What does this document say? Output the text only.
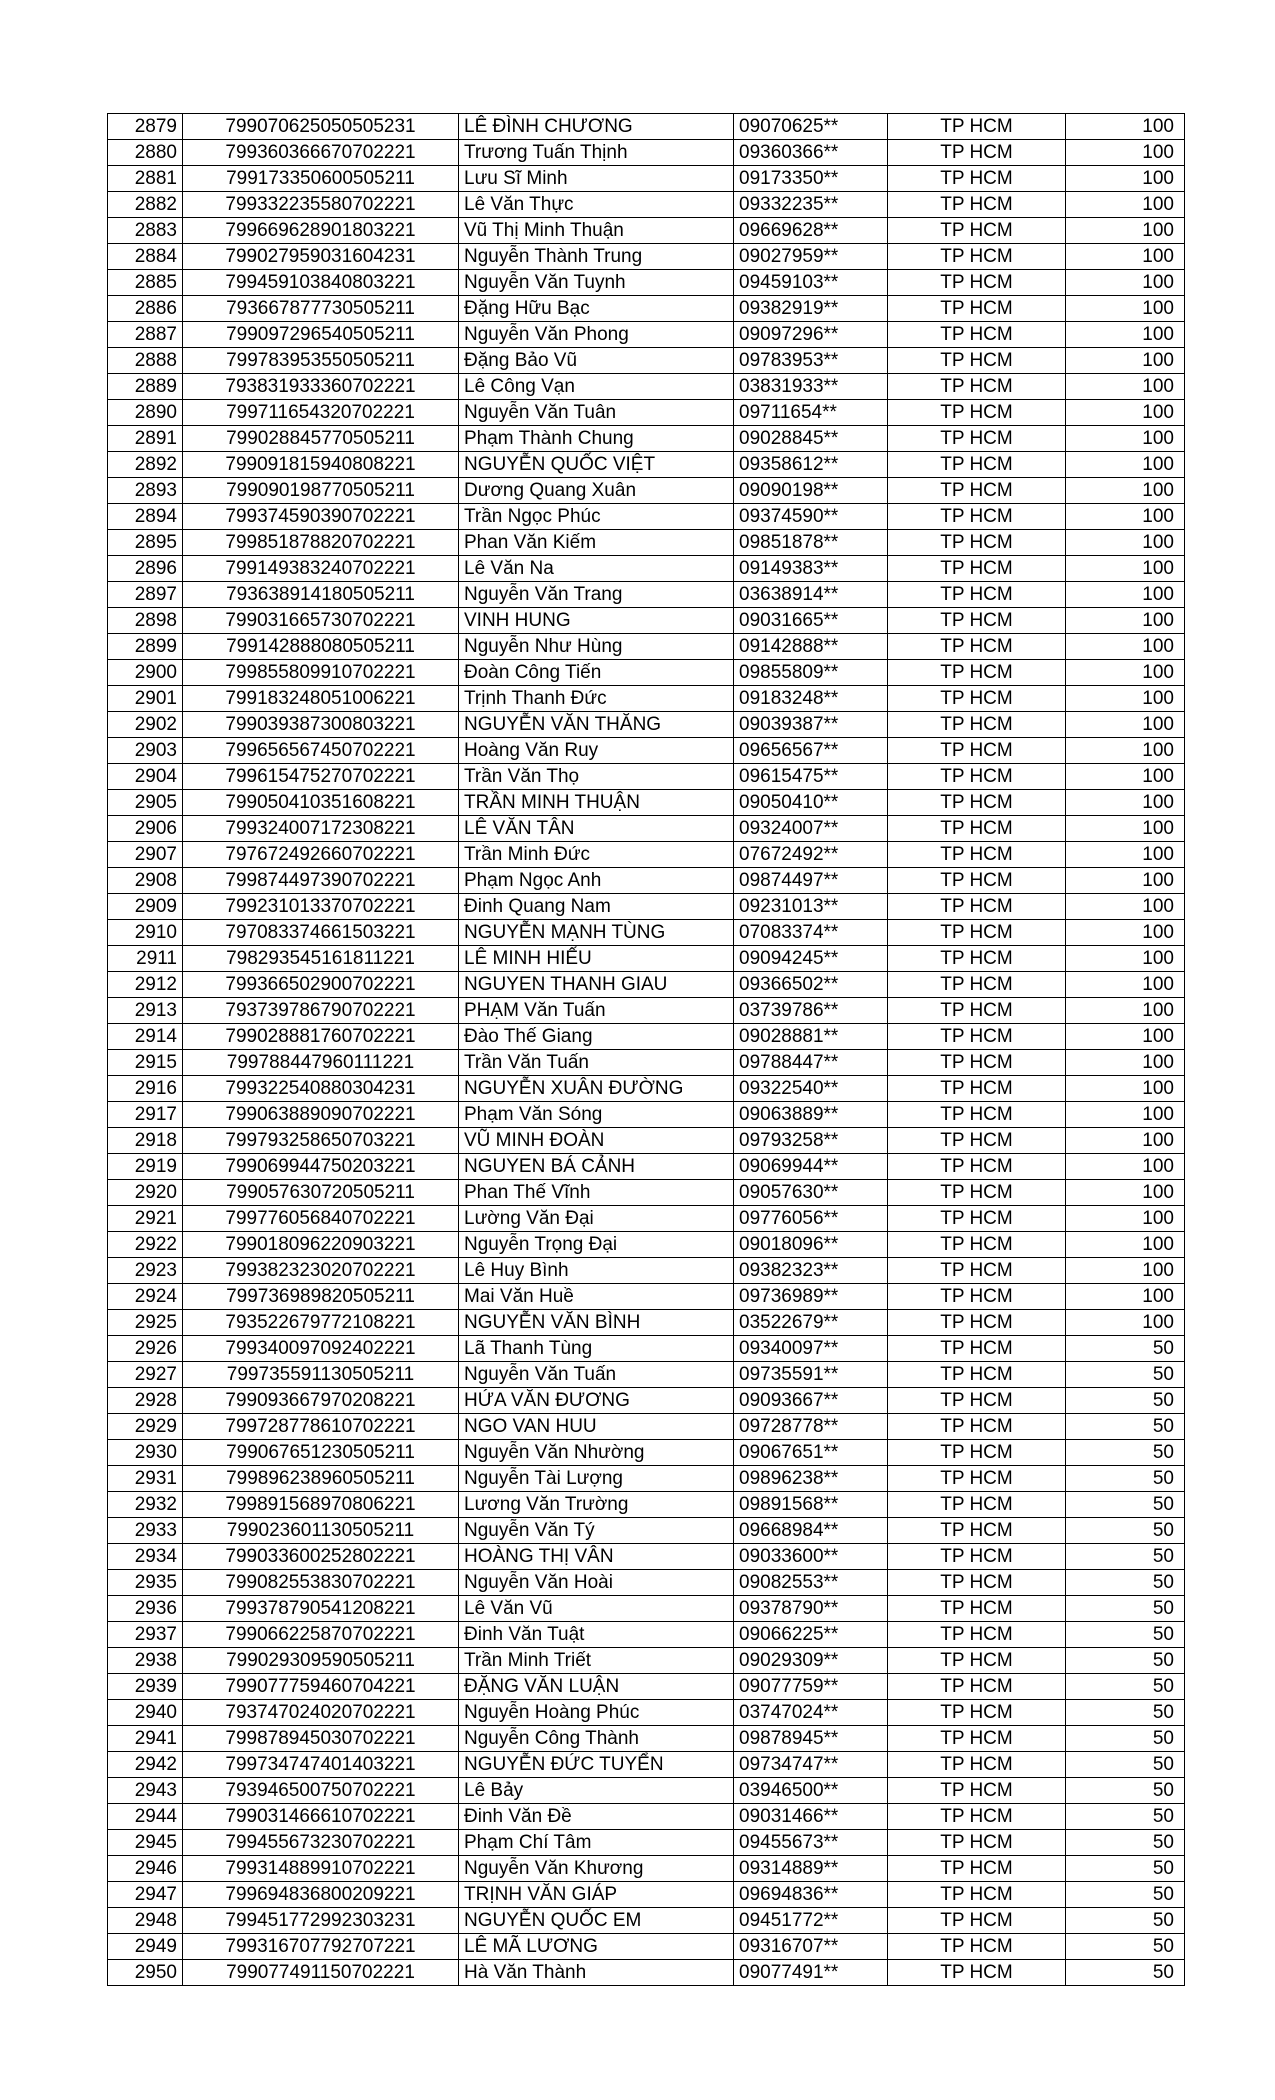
2879	799070625050505231	LÊ ĐÌNH CHƯƠNG	09070625**	TP HCM	100
2880	799360366670702221	Trương Tuấn Thịnh	09360366**	TP HCM	100
2881	799173350600505211	Lưu Sĩ Minh	09173350**	TP HCM	100
2882	799332235580702221	Lê Văn Thực	09332235**	TP HCM	100
2883	799669628901803221	Vũ Thị Minh Thuận	09669628**	TP HCM	100
2884	799027959031604231	Nguyễn Thành Trung	09027959**	TP HCM	100
2885	799459103840803221	Nguyễn Văn Tuynh	09459103**	TP HCM	100
2886	793667877730505211	Đặng Hữu Bạc	09382919**	TP HCM	100
2887	799097296540505211	Nguyễn Văn Phong	09097296**	TP HCM	100
2888	799783953550505211	Đặng Bảo Vũ	09783953**	TP HCM	100
2889	793831933360702221	Lê Công Vạn	03831933**	TP HCM	100
2890	799711654320702221	Nguyễn Văn Tuân	09711654**	TP HCM	100
2891	799028845770505211	Phạm Thành Chung	09028845**	TP HCM	100
2892	799091815940808221	NGUYỄN QUỐC VIỆT	09358612**	TP HCM	100
2893	799090198770505211	Dương Quang Xuân	09090198**	TP HCM	100
2894	799374590390702221	Trần Ngọc Phúc	09374590**	TP HCM	100
2895	799851878820702221	Phan Văn Kiếm	09851878**	TP HCM	100
2896	799149383240702221	Lê Văn Na	09149383**	TP HCM	100
2897	793638914180505211	Nguyễn Văn Trang	03638914**	TP HCM	100
2898	799031665730702221	VINH HUNG	09031665**	TP HCM	100
2899	799142888080505211	Nguyễn Như Hùng	09142888**	TP HCM	100
2900	799855809910702221	Đoàn Công Tiến	09855809**	TP HCM	100
2901	799183248051006221	Trịnh Thanh Đức	09183248**	TP HCM	100
2902	799039387300803221	NGUYỄN VĂN THĂNG	09039387**	TP HCM	100
2903	799656567450702221	Hoàng Văn Ruy	09656567**	TP HCM	100
2904	799615475270702221	Trần Văn Thọ	09615475**	TP HCM	100
2905	799050410351608221	TRẦN MINH THUẬN	09050410**	TP HCM	100
2906	799324007172308221	LÊ VĂN TÂN	09324007**	TP HCM	100
2907	797672492660702221	Trần Minh Đức	07672492**	TP HCM	100
2908	799874497390702221	Phạm Ngọc Anh	09874497**	TP HCM	100
2909	799231013370702221	Đinh Quang Nam	09231013**	TP HCM	100
2910	797083374661503221	NGUYỄN MẠNH TÙNG	07083374**	TP HCM	100
2911	798293545161811221	LÊ MINH HIẾU	09094245**	TP HCM	100
2912	799366502900702221	NGUYEN THANH GIAU	09366502**	TP HCM	100
2913	793739786790702221	PHẠM Văn Tuấn	03739786**	TP HCM	100
2914	799028881760702221	Đào Thế Giang	09028881**	TP HCM	100
2915	799788447960111221	Trần Văn Tuấn	09788447**	TP HCM	100
2916	799322540880304231	NGUYỄN XUÂN ĐƯỜNG	09322540**	TP HCM	100
2917	799063889090702221	Phạm Văn Sóng	09063889**	TP HCM	100
2918	799793258650703221	VŨ MINH ĐOÀN	09793258**	TP HCM	100
2919	799069944750203221	NGUYEN BÁ CẢNH	09069944**	TP HCM	100
2920	799057630720505211	Phan Thế Vĩnh	09057630**	TP HCM	100
2921	799776056840702221	Lường Văn Đại	09776056**	TP HCM	100
2922	799018096220903221	Nguyễn Trọng Đại	09018096**	TP HCM	100
2923	799382323020702221	Lê Huy Bình	09382323**	TP HCM	100
2924	799736989820505211	Mai Văn Huề	09736989**	TP HCM	100
2925	793522679772108221	NGUYỄN VĂN BÌNH	03522679**	TP HCM	100
2926	799340097092402221	Lã Thanh Tùng	09340097**	TP HCM	50
2927	799735591130505211	Nguyễn Văn Tuấn	09735591**	TP HCM	50
2928	799093667970208221	HỨA VĂN ĐƯƠNG	09093667**	TP HCM	50
2929	799728778610702221	NGO VAN HUU	09728778**	TP HCM	50
2930	799067651230505211	Nguyễn Văn Nhường	09067651**	TP HCM	50
2931	799896238960505211	Nguyễn Tài Lượng	09896238**	TP HCM	50
2932	799891568970806221	Lương Văn Trường	09891568**	TP HCM	50
2933	799023601130505211	Nguyễn Văn Tý	09668984**	TP HCM	50
2934	799033600252802221	HOÀNG THỊ VÂN	09033600**	TP HCM	50
2935	799082553830702221	Nguyễn Văn Hoài	09082553**	TP HCM	50
2936	799378790541208221	Lê Văn Vũ	09378790**	TP HCM	50
2937	799066225870702221	Đinh Văn Tuật	09066225**	TP HCM	50
2938	799029309590505211	Trần Minh Triết	09029309**	TP HCM	50
2939	799077759460704221	ĐẶNG VĂN LUẬN	09077759**	TP HCM	50
2940	793747024020702221	Nguyễn Hoàng Phúc	03747024**	TP HCM	50
2941	799878945030702221	Nguyễn Công Thành	09878945**	TP HCM	50
2942	799734747401403221	NGUYỄN ĐỨC TUYỂN	09734747**	TP HCM	50
2943	793946500750702221	Lê Bảy	03946500**	TP HCM	50
2944	799031466610702221	Đinh Văn Đề	09031466**	TP HCM	50
2945	799455673230702221	Phạm Chí Tâm	09455673**	TP HCM	50
2946	799314889910702221	Nguyễn Văn Khương	09314889**	TP HCM	50
2947	799694836800209221	TRỊNH VĂN GIÁP	09694836**	TP HCM	50
2948	799451772992303231	NGUYỄN QUỐC EM	09451772**	TP HCM	50
2949	799316707792707221	LÊ MÃ LƯƠNG	09316707**	TP HCM	50
2950	799077491150702221	Hà Văn Thành	09077491**	TP HCM	50
